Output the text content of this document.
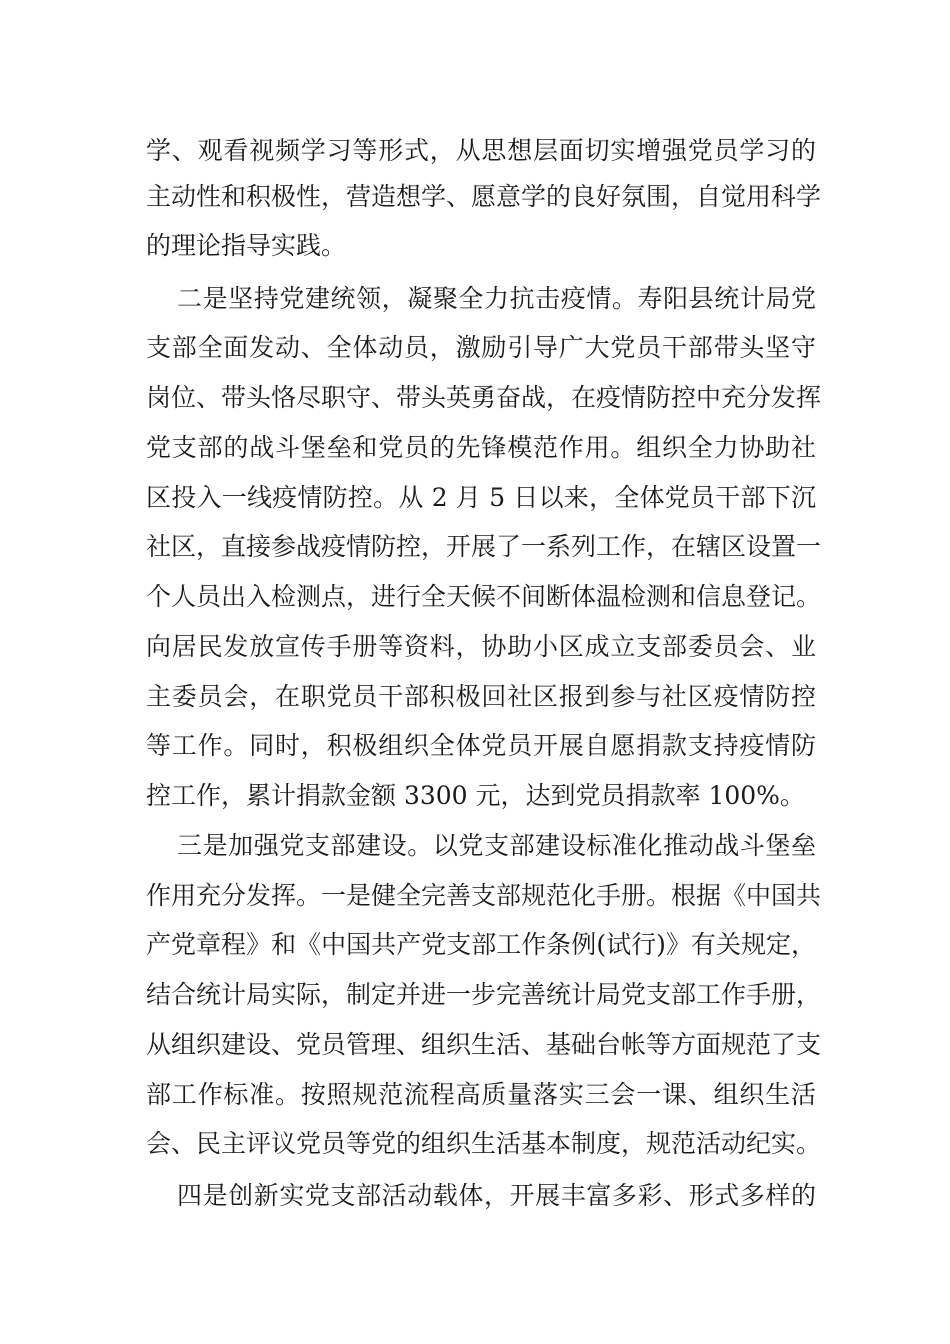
学、观看视频学习等形式，从思想层面切实增强党员学习的
主动性和积极性，营造想学、愿意学的良好氛围，自觉用科学
的理论指导实践。
二是坚持党建统领，凝聚全力抗击疫情。寿阳县统计局党
支部全面发动、全体动员，激励引导广大党员干部带头坚守
岗位、带头恪尽职守、带头英勇奋战，在疫情防控中充分发挥
党支部的战斗堡垒和党员的先锋模范作用。组织全力协助社
区投入一线疫情防控。从 2 月 5 日以来，全体党员干部下沉
社区，直接参战疫情防控，开展了一系列工作，在辖区设置一
个人员出入检测点，进行全天候不间断体温检测和信息登记。
向居民发放宣传手册等资料，协助小区成立支部委员会、业
主委员会，在职党员干部积极回社区报到参与社区疫情防控
等工作。同时，积极组织全体党员开展自愿捐款支持疫情防
控工作，累计捐款金额 3300 元，达到党员捐款率 100%。
三是加强党支部建设。以党支部建设标准化推动战斗堡垒
作用充分发挥。一是健全完善支部规范化手册。根据《中国共
产党章程》和《中国共产党支部工作条例(试行)》有关规定，
结合统计局实际，制定并进一步完善统计局党支部工作手册，
从组织建设、党员管理、组织生活、基础台帐等方面规范了支
部工作标准。按照规范流程高质量落实三会一课、组织生活
会、民主评议党员等党的组织生活基本制度，规范活动纪实。
四是创新实党支部活动载体，开展丰富多彩、形式多样的
